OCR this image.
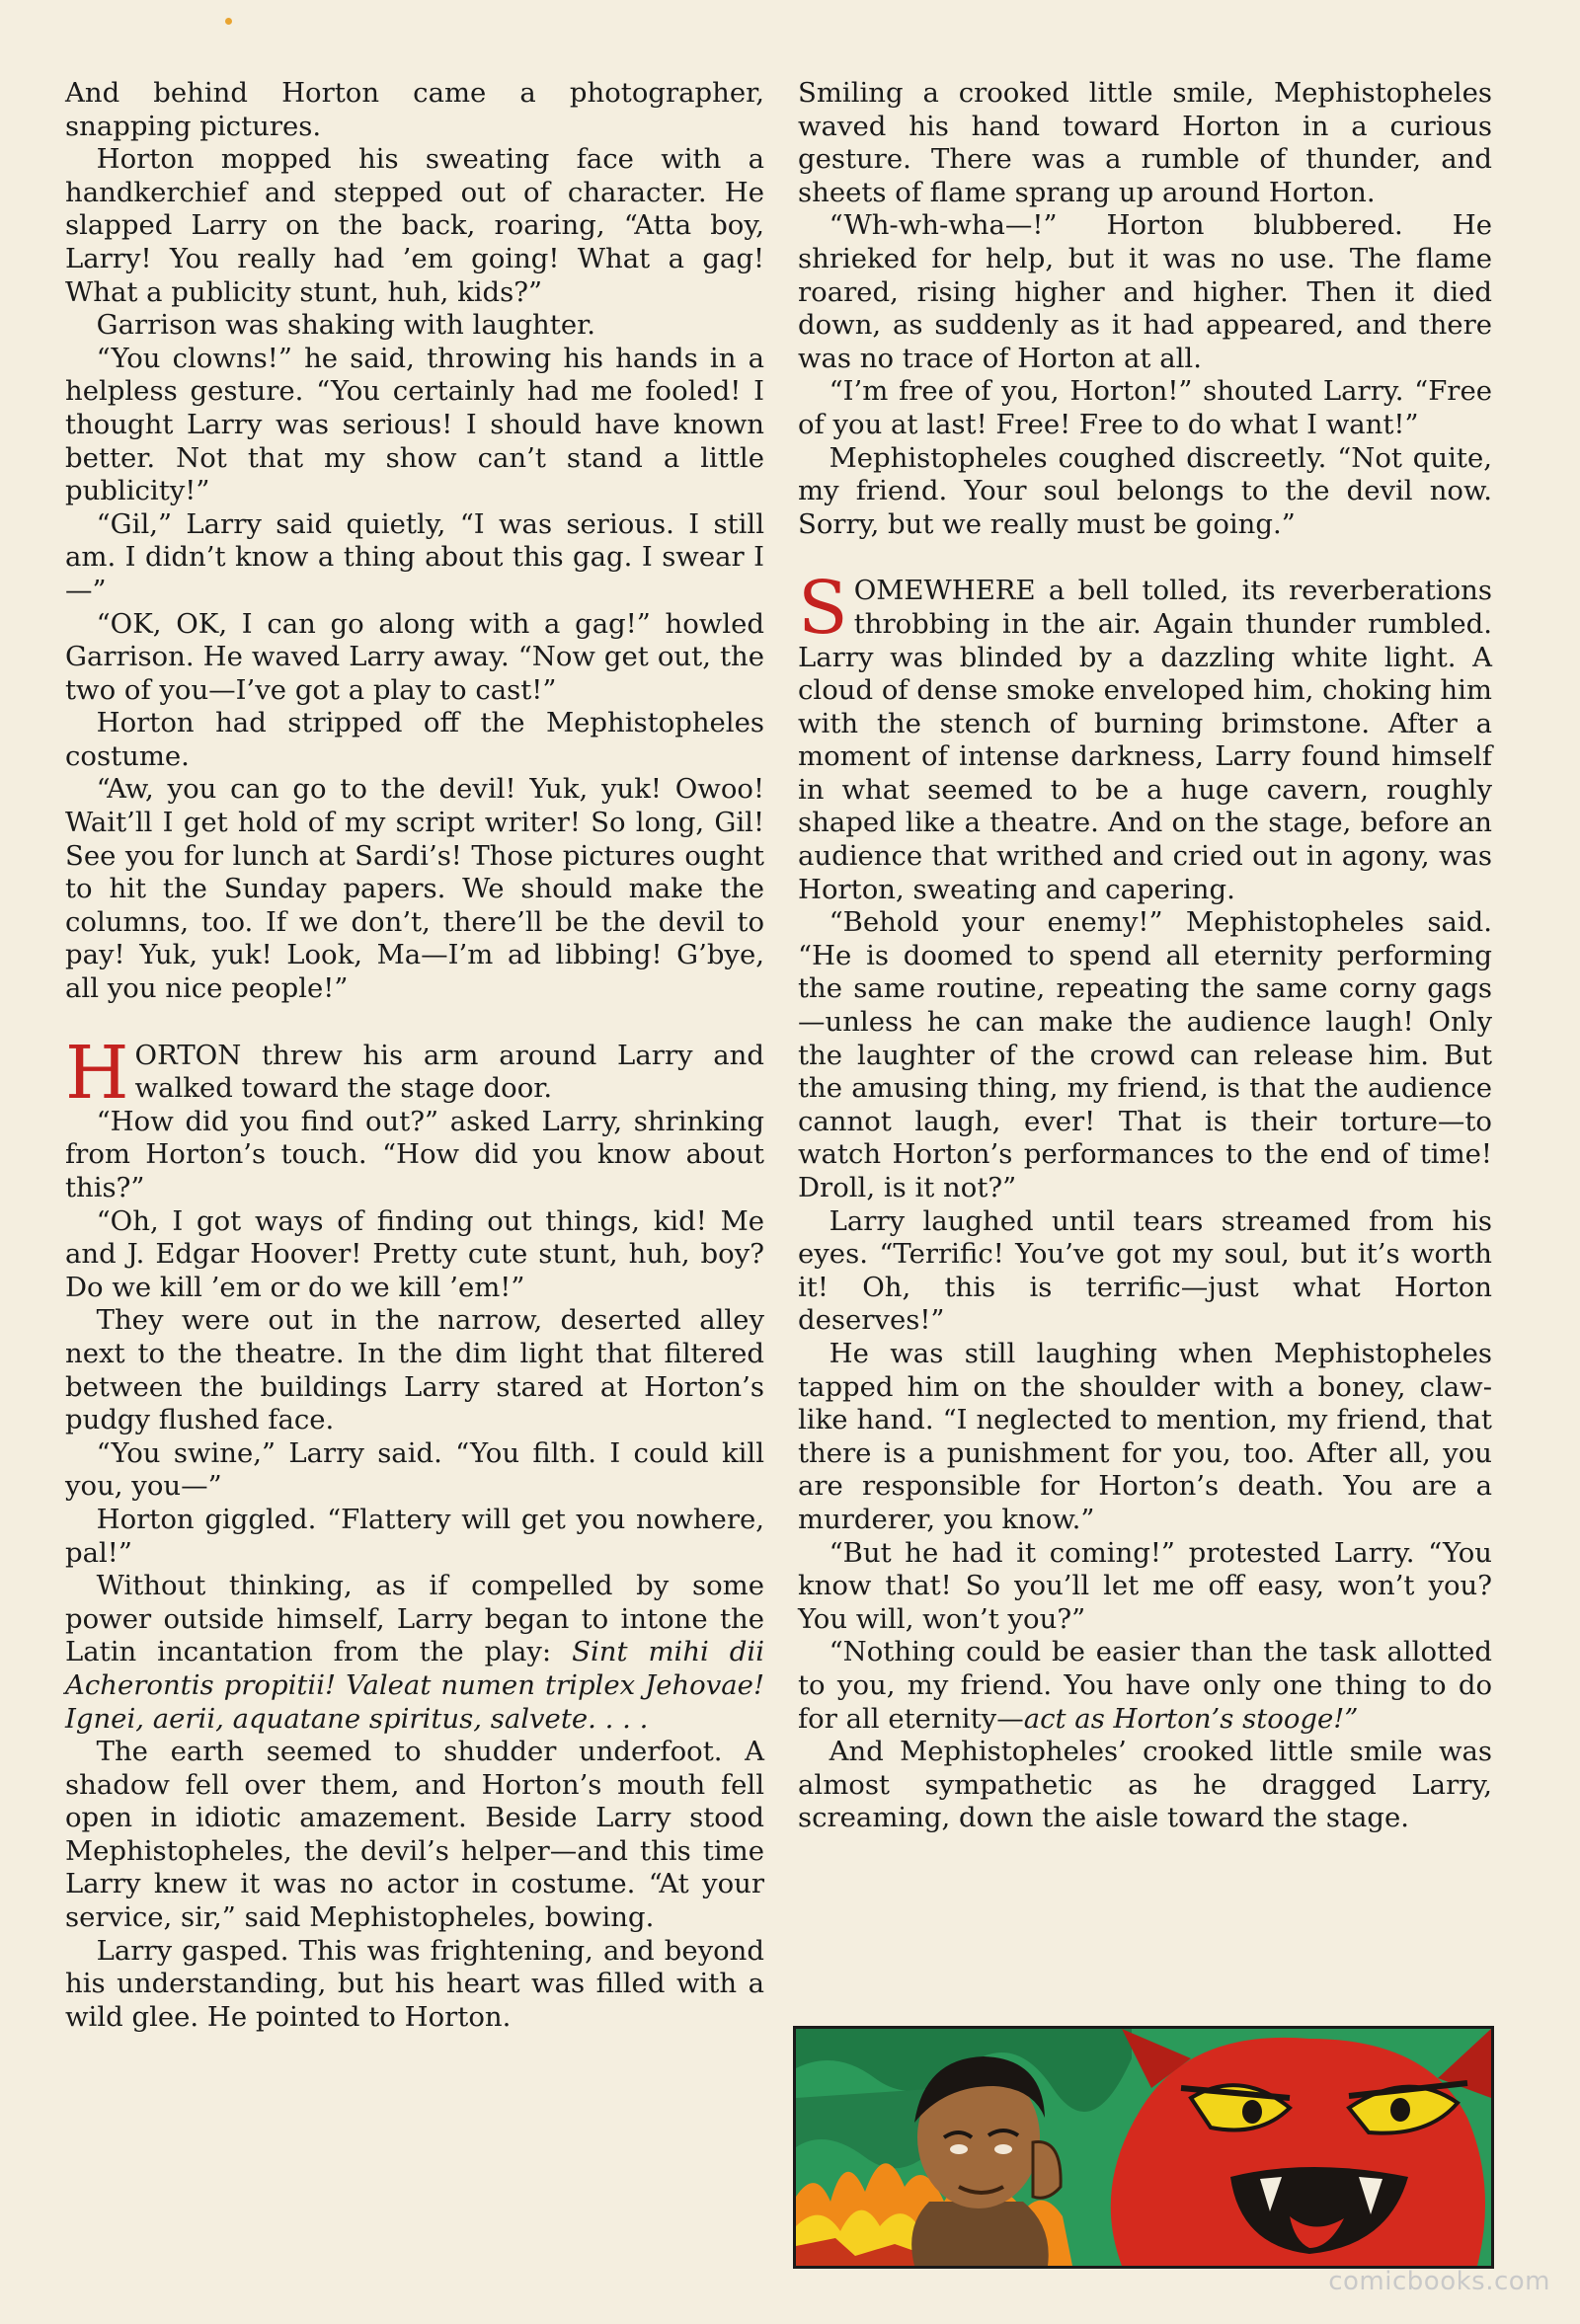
And behind Horton came a photographer, snapping pictures.

Horton mopped his sweating face with a handkerchief and stepped out of character. He slapped Larry on the back, roaring, “Atta boy, Larry! You really had ’em going! What a gag! What a publicity stunt, huh, kids?”

Garrison was shaking with laughter.

“You clowns!” he said, throwing his hands in a helpless gesture. “You certainly had me fooled! I thought Larry was serious! I should have known better. Not that my show can’t stand a little publicity!”

“Gil,” Larry said quietly, “I was serious. I still am. I didn’t know a thing about this gag. I swear I—”

“OK, OK, I can go along with a gag!” howled Garrison. He waved Larry away. “Now get out, the two of you—I’ve got a play to cast!”

Horton had stripped off the Mephistopheles costume.

“Aw, you can go to the devil! Yuk, yuk! Owoo! Wait’ll I get hold of my script writer! So long, Gil! See you for lunch at Sardi’s! Those pictures ought to hit the Sunday papers. We should make the columns, too. If we don’t, there’ll be the devil to pay! Yuk, yuk! Look, Ma—I’m ad libbing! G’bye, all you nice people!”

HORTON threw his arm around Larry and walked toward the stage door.

“How did you find out?” asked Larry, shrinking from Horton’s touch. “How did you know about this?”

“Oh, I got ways of finding out things, kid! Me and J. Edgar Hoover! Pretty cute stunt, huh, boy? Do we kill ’em or do we kill ’em!”

They were out in the narrow, deserted alley next to the theatre. In the dim light that filtered between the buildings Larry stared at Horton’s pudgy flushed face.

“You swine,” Larry said. “You filth. I could kill you, you—”

Horton giggled. “Flattery will get you nowhere, pal!”

Without thinking, as if compelled by some power outside himself, Larry began to intone the Latin incantation from the play: Sint mihi dii Acherontis propitii! Valeat numen triplex Jehovae! Ignei, aerii, aquatane spiritus, salvete. . . .

The earth seemed to shudder underfoot. A shadow fell over them, and Horton’s mouth fell open in idiotic amazement. Beside Larry stood Mephistopheles, the devil’s helper—and this time Larry knew it was no actor in costume. “At your service, sir,” said Mephistopheles, bowing.

Larry gasped. This was frightening, and beyond his understanding, but his heart was filled with a wild glee. He pointed to Horton.

Smiling a crooked little smile, Mephistopheles waved his hand toward Horton in a curious gesture. There was a rumble of thunder, and sheets of flame sprang up around Horton.

“Wh-wh-wha—!” Horton blubbered. He shrieked for help, but it was no use. The flame roared, rising higher and higher. Then it died down, as suddenly as it had appeared, and there was no trace of Horton at all.

“I’m free of you, Horton!” shouted Larry. “Free of you at last! Free! Free to do what I want!”

Mephistopheles coughed discreetly. “Not quite, my friend. Your soul belongs to the devil now. Sorry, but we really must be going.”

SOMEWHERE a bell tolled, its reverberations throbbing in the air. Again thunder rumbled. Larry was blinded by a dazzling white light. A cloud of dense smoke enveloped him, choking him with the stench of burning brimstone. After a moment of intense darkness, Larry found himself in what seemed to be a huge cavern, roughly shaped like a theatre. And on the stage, before an audience that writhed and cried out in agony, was Horton, sweating and capering.

“Behold your enemy!” Mephistopheles said. “He is doomed to spend all eternity performing the same routine, repeating the same corny gags—unless he can make the audience laugh! Only the laughter of the crowd can release him. But the amusing thing, my friend, is that the audience cannot laugh, ever! That is their torture—to watch Horton’s performances to the end of time! Droll, is it not?”

Larry laughed until tears streamed from his eyes. “Terrific! You’ve got my soul, but it’s worth it! Oh, this is terrific—just what Horton deserves!”

He was still laughing when Mephistopheles tapped him on the shoulder with a boney, claw-like hand. “I neglected to mention, my friend, that there is a punishment for you, too. After all, you are responsible for Horton’s death. You are a murderer, you know.”

“But he had it coming!” protested Larry. “You know that! So you’ll let me off easy, won’t you? You will, won’t you?”

“Nothing could be easier than the task allotted to you, my friend. You have only one thing to do for all eternity—act as Horton’s stooge!”

And Mephistopheles’ crooked little smile was almost sympathetic as he dragged Larry, screaming, down the aisle toward the stage.

comicbooks.com
